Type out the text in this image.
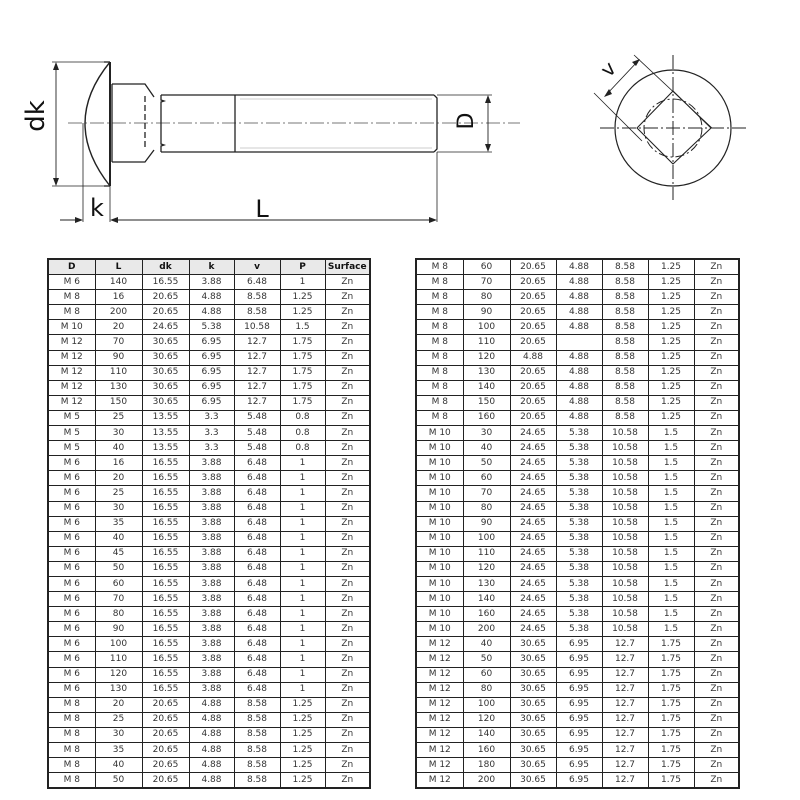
dk
k	L
D
v
D	L	dk	k	v	P	Surface
M 6	140	16.55	3.88	6.48	1	Zn
M 8	16	20.65	4.88	8.58	1.25	Zn
M 8	200	20.65	4.88	8.58	1.25	Zn
M 10	20	24.65	5.38	10.58	1.5	Zn
M 12	70	30.65	6.95	12.7	1.75	Zn
M 12	90	30.65	6.95	12.7	1.75	Zn
M 12	110	30.65	6.95	12.7	1.75	Zn
M 12	130	30.65	6.95	12.7	1.75	Zn
M 12	150	30.65	6.95	12.7	1.75	Zn
M 5	25	13.55	3.3	5.48	0.8	Zn
M 5	30	13.55	3.3	5.48	0.8	Zn
M 5	40	13.55	3.3	5.48	0.8	Zn
M 6	16	16.55	3.88	6.48	1	Zn
M 6	20	16.55	3.88	6.48	1	Zn
M 6	25	16.55	3.88	6.48	1	Zn
M 6	30	16.55	3.88	6.48	1	Zn
M 6	35	16.55	3.88	6.48	1	Zn
M 6	40	16.55	3.88	6.48	1	Zn
M 6	45	16.55	3.88	6.48	1	Zn
M 6	50	16.55	3.88	6.48	1	Zn
M 6	60	16.55	3.88	6.48	1	Zn
M 6	70	16.55	3.88	6.48	1	Zn
M 6	80	16.55	3.88	6.48	1	Zn
M 6	90	16.55	3.88	6.48	1	Zn
M 6	100	16.55	3.88	6.48	1	Zn
M 6	110	16.55	3.88	6.48	1	Zn
M 6	120	16.55	3.88	6.48	1	Zn
M 6	130	16.55	3.88	6.48	1	Zn
M 8	20	20.65	4.88	8.58	1.25	Zn
M 8	25	20.65	4.88	8.58	1.25	Zn
M 8	30	20.65	4.88	8.58	1.25	Zn
M 8	35	20.65	4.88	8.58	1.25	Zn
M 8	40	20.65	4.88	8.58	1.25	Zn
M 8	50	20.65	4.88	8.58	1.25	Zn
M 8	60	20.65	4.88	8.58	1.25	Zn
M 8	70	20.65	4.88	8.58	1.25	Zn
M 8	80	20.65	4.88	8.58	1.25	Zn
M 8	90	20.65	4.88	8.58	1.25	Zn
M 8	100	20.65	4.88	8.58	1.25	Zn
M 8	110	20.65		8.58	1.25	Zn
M 8	120	4.88	4.88	8.58	1.25	Zn
M 8	130	20.65	4.88	8.58	1.25	Zn
M 8	140	20.65	4.88	8.58	1.25	Zn
M 8	150	20.65	4.88	8.58	1.25	Zn
M 8	160	20.65	4.88	8.58	1.25	Zn
M 10	30	24.65	5.38	10.58	1.5	Zn
M 10	40	24.65	5.38	10.58	1.5	Zn
M 10	50	24.65	5.38	10.58	1.5	Zn
M 10	60	24.65	5.38	10.58	1.5	Zn
M 10	70	24.65	5.38	10.58	1.5	Zn
M 10	80	24.65	5.38	10.58	1.5	Zn
M 10	90	24.65	5.38	10.58	1.5	Zn
M 10	100	24.65	5.38	10.58	1.5	Zn
M 10	110	24.65	5.38	10.58	1.5	Zn
M 10	120	24.65	5.38	10.58	1.5	Zn
M 10	130	24.65	5.38	10.58	1.5	Zn
M 10	140	24.65	5.38	10.58	1.5	Zn
M 10	160	24.65	5.38	10.58	1.5	Zn
M 10	200	24.65	5.38	10.58	1.5	Zn
M 12	40	30.65	6.95	12.7	1.75	Zn
M 12	50	30.65	6.95	12.7	1.75	Zn
M 12	60	30.65	6.95	12.7	1.75	Zn
M 12	80	30.65	6.95	12.7	1.75	Zn
M 12	100	30.65	6.95	12.7	1.75	Zn
M 12	120	30.65	6.95	12.7	1.75	Zn
M 12	140	30.65	6.95	12.7	1.75	Zn
M 12	160	30.65	6.95	12.7	1.75	Zn
M 12	180	30.65	6.95	12.7	1.75	Zn
M 12	200	30.65	6.95	12.7	1.75	Zn
